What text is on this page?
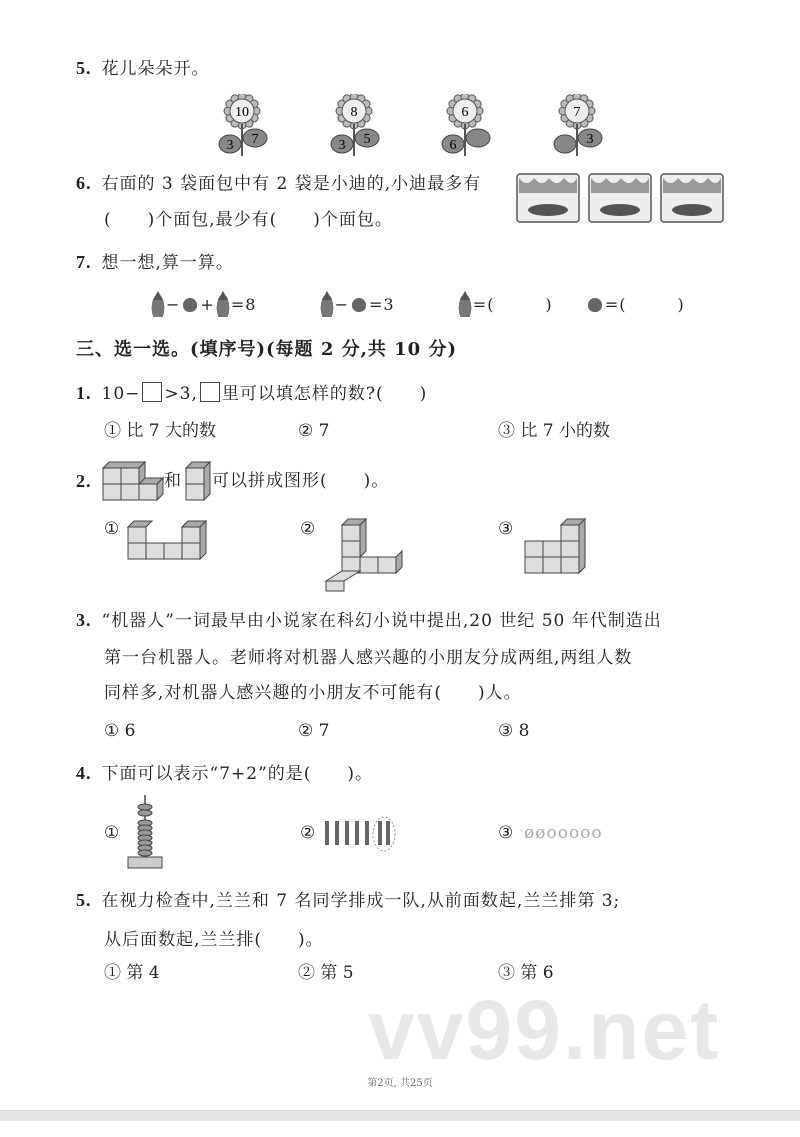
5. 花儿朵朵开。
10
3 7
8
3 5
6
6
7
3
6. 右面的 3 袋面包中有 2 袋是小迪的,小迪最多有
(　　)个面包,最少有(　　)个面包。
7. 想一想,算一算。
− + =8	− =3	=(　　　)	=(　　　)
三、选一选。(填序号)(每题 2 分,共 10 分)
1. 10− >3, 里可以填怎样的数?(　　)
① 比 7 大的数	② 7	③ 比 7 小的数
2.	和 可以拼成图形(　　)。
①	②	③
3. “机器人”一词最早由小说家在科幻小说中提出,20 世纪 50 年代制造出
第一台机器人。老师将对机器人感兴趣的小朋友分成两组,两组人数
同样多,对机器人感兴趣的小朋友不可能有(　　)人。
① 6	② 7	③ 8
4. 下面可以表示“7+2”的是(　　)。
①	②	③ øøooooo
5. 在视力检查中,兰兰和 7 名同学排成一队,从前面数起,兰兰排第 3;
从后面数起,兰兰排(　　)。
① 第 4	② 第 5	③ 第 6
vv99.net
第2页, 共25页
